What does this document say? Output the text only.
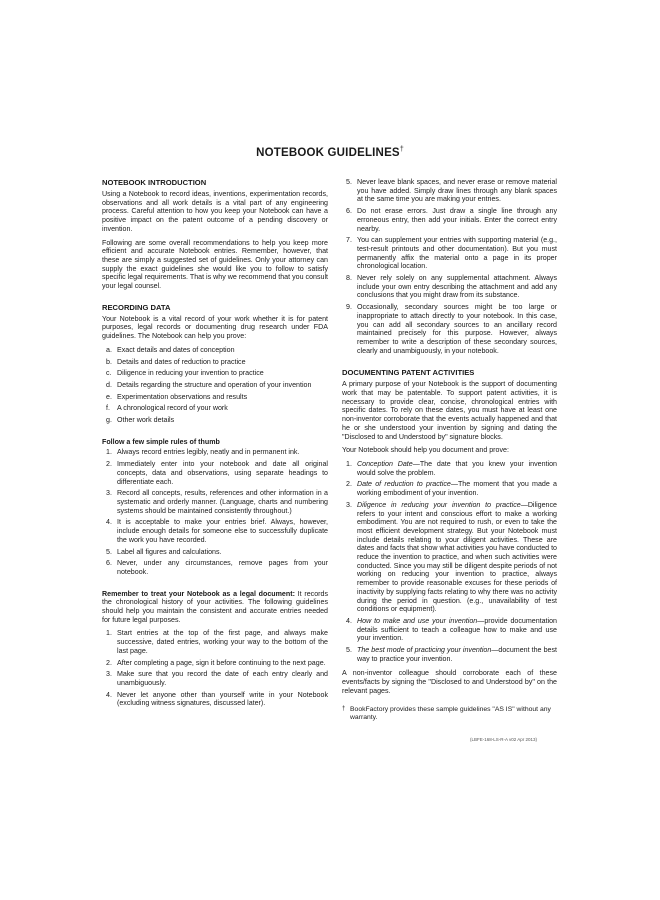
NOTEBOOK GUIDELINES†
NOTEBOOK INTRODUCTION

Using a Notebook to record ideas, inventions, experimentation records, observations and all work details is a vital part of any engineering process. Careful attention to how you keep your Notebook can have a positive impact on the patent outcome of a pending discovery or invention.

Following are some overall recommendations to help you keep more efficient and accurate Notebook entries. Remember, however, that these are simply a suggested set of guidelines. Only your attorney can supply the exact guidelines she would like you to follow to satisfy specific legal requirements. That is why we recommend that you consult your legal counsel.

RECORDING DATA

Your Notebook is a vital record of your work whether it is for patent purposes, legal records or documenting drug research under FDA guidelines. The Notebook can help you prove:

a. Exact details and dates of conception
b. Details and dates of reduction to practice
c. Diligence in reducing your invention to practice
d. Details regarding the structure and operation of your invention
e. Experimentation observations and results
f. A chronological record of your work
g. Other work details

Follow a few simple rules of thumb

1. Always record entries legibly, neatly and in permanent ink.
2. Immediately enter into your notebook and date all original concepts, data and observations, using separate headings to differentiate each.
3. Record all concepts, results, references and other information in a systematic and orderly manner. (Language, charts and numbering systems should be maintained consistently throughout.)
4. It is acceptable to make your entries brief. Always, however, include enough details for someone else to successfully duplicate the work you have recorded.
5. Label all figures and calculations.
6. Never, under any circumstances, remove pages from your notebook.

Remember to treat your Notebook as a legal document: It records the chronological history of your activities. The following guidelines should help you maintain the consistent and accurate entries needed for future legal purposes.

1. Start entries at the top of the first page, and always make successive, dated entries, working your way to the bottom of the last page.
2. After completing a page, sign it before continuing to the next page.
3. Make sure that you record the date of each entry clearly and unambiguously.
4. Never let anyone other than yourself write in your Notebook (excluding witness signatures, discussed later).
5. Never leave blank spaces, and never erase or remove material you have added. Simply draw lines through any blank spaces at the same time you are making your entries.
6. Do not erase errors. Just draw a single line through any erroneous entry, then add your initials. Enter the correct entry nearby.
7. You can supplement your entries with supporting material (e.g., test-result printouts and other documentation). But you must permanently affix the material onto a page in its proper chronological location.
8. Never rely solely on any supplemental attachment. Always include your own entry describing the attachment and add any conclusions that you might draw from its substance.
9. Occasionally, secondary sources might be too large or inappropriate to attach directly to your notebook. In this case, you can add all secondary sources to an ancillary record maintained precisely for this purpose. However, always remember to write a description of these secondary sources, clearly and unambiguously, in your notebook.
DOCUMENTING PATENT ACTIVITIES

A primary purpose of your Notebook is the support of documenting work that may be patentable. To support patent activities, it is necessary to provide clear, concise, chronological entries with specific dates. To rely on these dates, you must have at least one non-inventor corroborate that the events actually happened and that he or she understood your invention by signing and dating the "Disclosed to and Understood by" signature blocks.

Your Notebook should help you document and prove:

1. Conception Date—The date that you knew your invention would solve the problem.
2. Date of reduction to practice—The moment that you made a working embodiment of your invention.
3. Diligence in reducing your invention to practice—Diligence refers to your intent and conscious effort to make a working embodiment. You are not required to rush, or even to take the most efficient development strategy. But your Notebook must include details relating to your diligent activities. These are dates and facts that show what activities you have conducted to reduce the invention to practice, and when such activities were conducted. Since you may still be diligent despite periods of not working on reducing your invention to practice, always remember to provide reasonable excuses for these periods of inactivity by supplying facts relating to why there was no activity during the period in question. (e.g., unavailability of test conditions or equipment).
4. How to make and use your invention—provide documentation details sufficient to teach a colleague how to make and use your invention.
5. The best mode of practicing your invention—document the best way to practice your invention.

A non-inventor colleague should corroborate each of these events/facts by signing the "Disclosed to and Understood by" on the relevant pages.

† BookFactory provides these sample guidelines "AS IS" without any warranty.
(LBFE-168-LS-R-A v02 Apr 2013)
